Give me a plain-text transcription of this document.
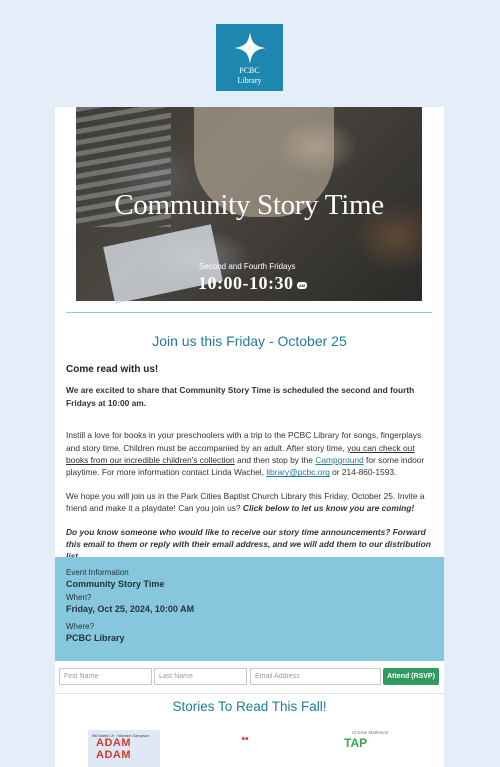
PCBC
Library
Community Story Time
Second and Fourth Fridays
10:00-10:30	AM
Join us this Friday - October 25
Come read with us!

We are excited to share that Community Story Time is scheduled the second and fourth Fridays at 10:00 am.

Instill a love for books in your preschoolers with a trip to the PCBC Library for songs, fingerplays and story time. Children must be accompanied by an adult. After story time, you can check out books from our incredible children's collection and then stop by the Campground for some indoor playtime. For more information contact Linda Wachel, library@pcbc.org or 214-860-1593.

We hope you will join us in the Park Cities Baptist Church Library this Friday, October 25. Invite a friend and make it a playdate! Can you join us? Click below to let us know you are coming!

Do you know someone who would like to receive our story time announcements? Forward this email to them or reply with their email address, and we will add them to our distribution

Event Information
Community Story Time
When?
Friday, Oct 25, 2024, 10:00 AM
Where?
PCBC Library
First Name
Last Name
Email Address
Attend (RSVP)
Stories To Read This Fall!
Bill Martin Jr · Michael Sampson
ADAM ADAM
••
Christie Matheson
TAP
